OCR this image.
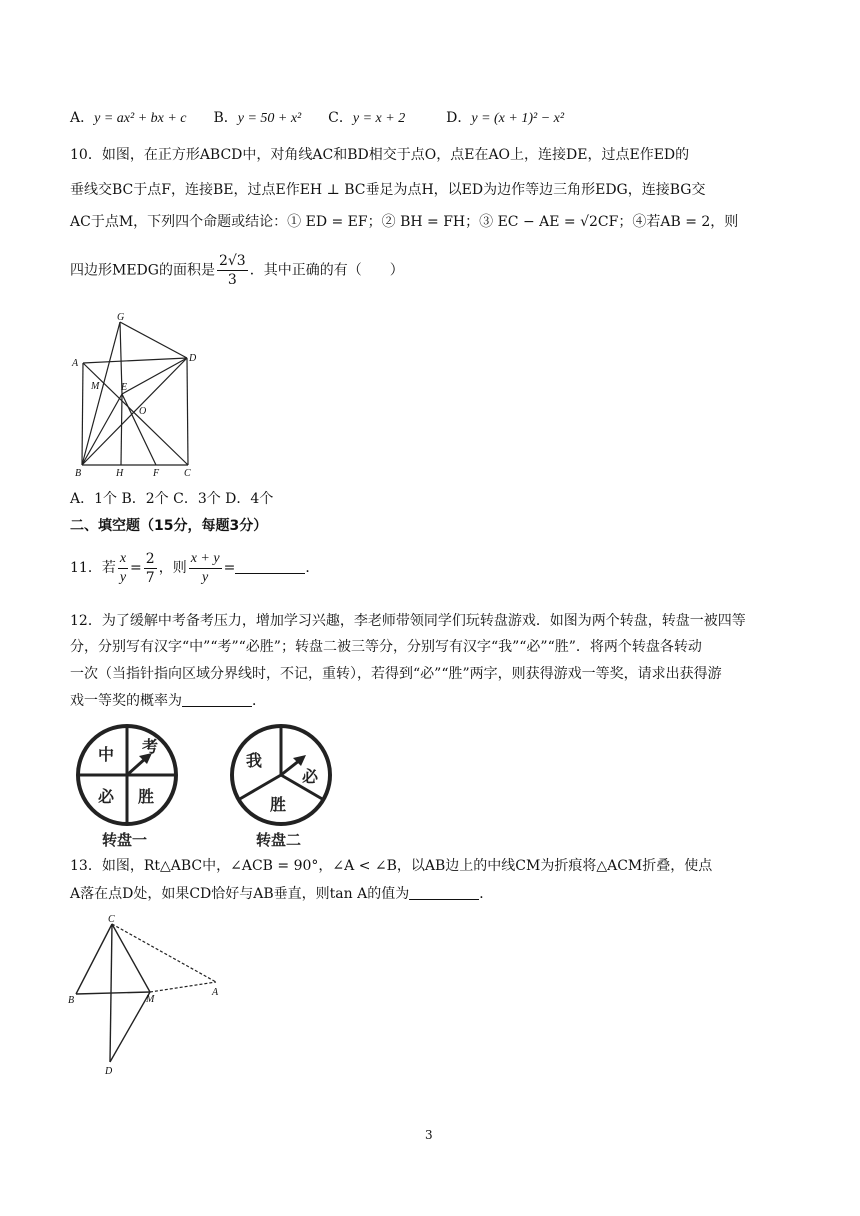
A．y = ax² + bx + c B．y = 50 + x² C．y = x + 2	D．y = (x + 1)² − x²
10．如图，在正方形ABCD中，对角线AC和BD相交于点O，点E在AO上，连接DE，过点E作ED的
垂线交BC于点F，连接BE，过点E作EH ⊥ BC垂足为点H，以ED为边作等边三角形EDG，连接BG交
AC于点M，下列四个命题或结论：① ED = EF；② BH = FH；③ EC − AE = √2CF；④若AB = 2，则
四边形MEDG的面积是 $\frac{2√3}{3}$ ．其中正确的有（　　）
G
A	D
M E
O
B	H	F C
A．1个 B．2个 C．3个 D．4个
二、填空题（15分，每题3分）
11．若 $\frac{x}{y} = \frac{2}{7}$ ，则 $\frac{x + y}{y}$ =	．
12．为了缓解中考备考压力，增加学习兴趣，李老师带领同学们玩转盘游戏．如图为两个转盘，转盘一被四等
分，分别写有汉字“中”“考”“必胜”；转盘二被三等分，分别写有汉字“我”“必”“胜”．将两个转盘各转动
一次（当指针指向区域分界线时，不记，重转），若得到“必”“胜”两字，则获得游戏一等奖，请求出获得游
戏一等奖的概率为	．
中 考
必 胜
转盘一
我
必
胜
转盘二
13．如图，Rt△ABC中，∠ACB = 90°，∠A < ∠B，以AB边上的中线CM为折痕将△ACM折叠，使点
A落在点D处，如果CD恰好与AB垂直，则tan A的值为	．
C
B	M
A
D
3
